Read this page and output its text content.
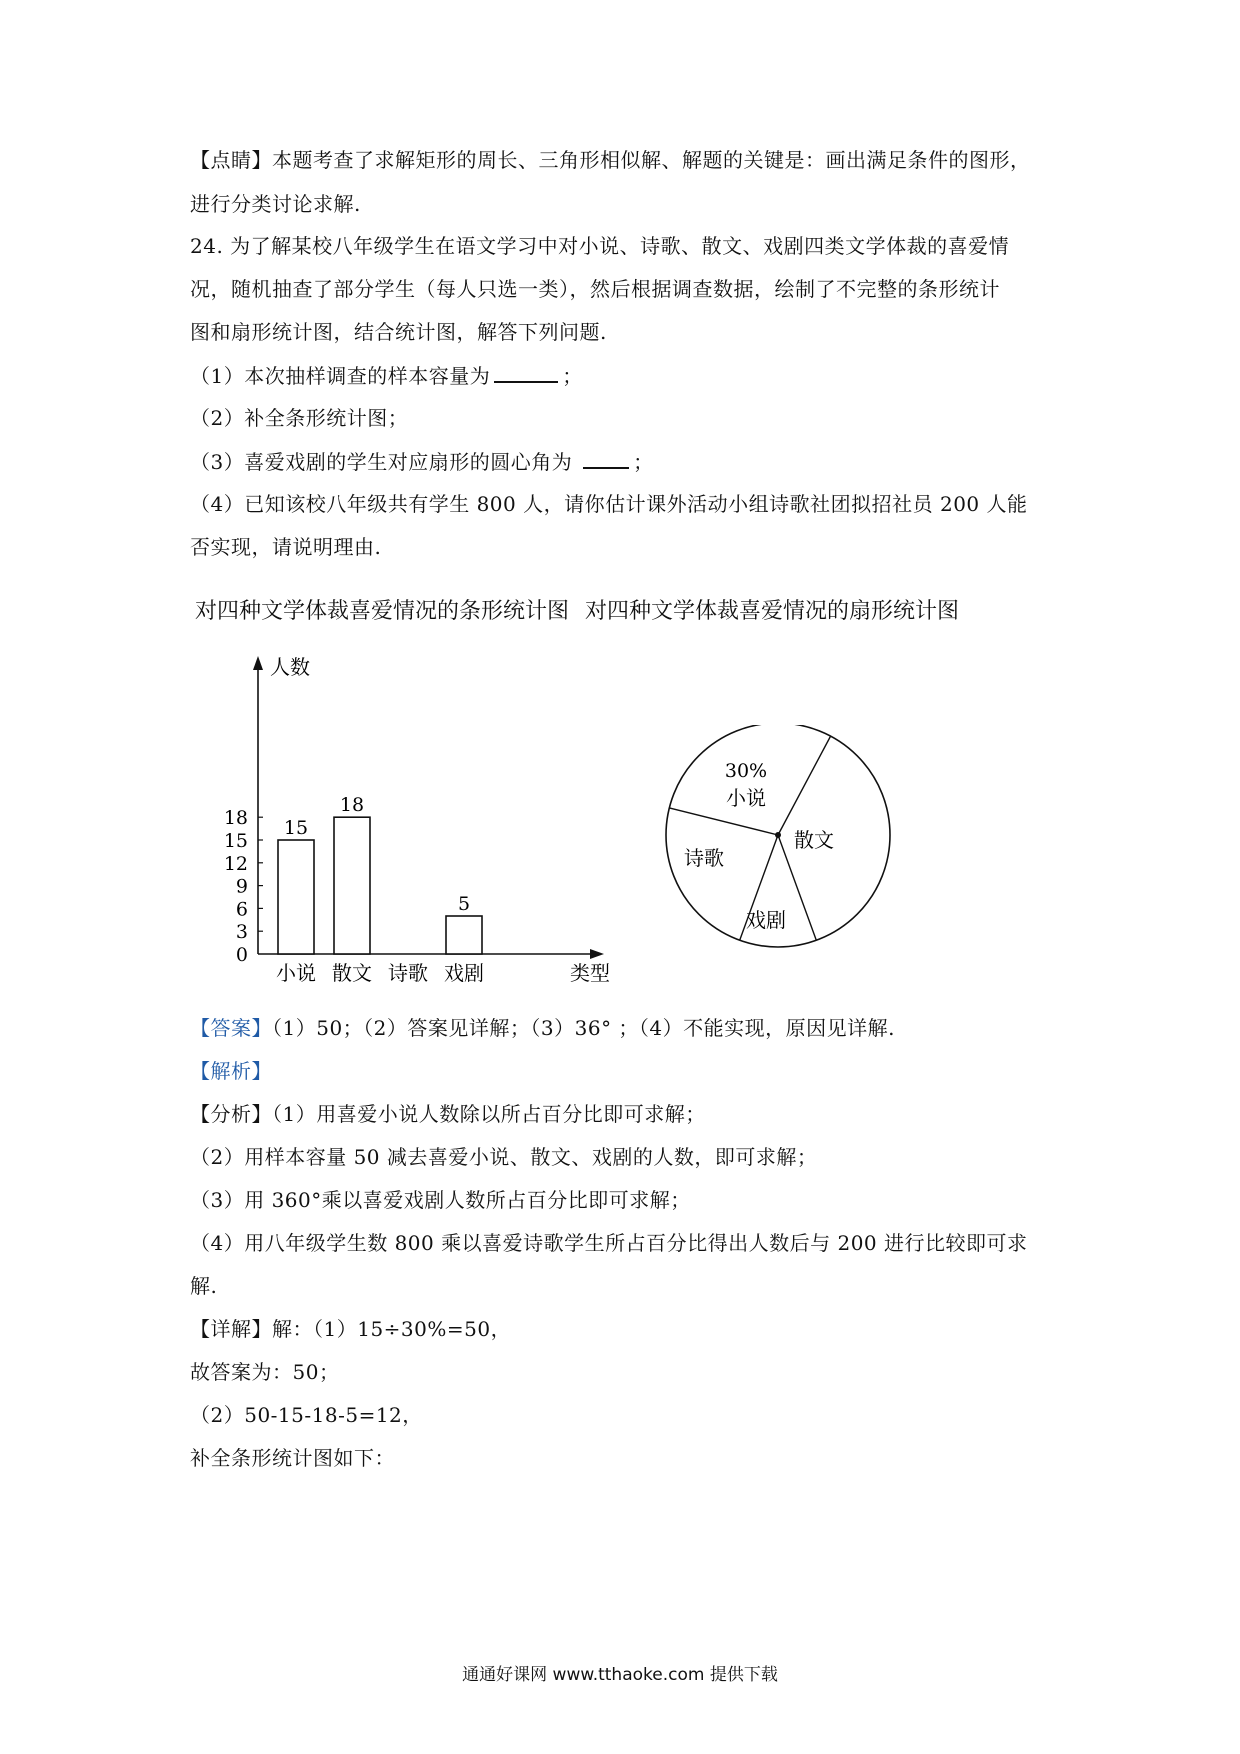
【点睛】本题考查了求解矩形的周长、三角形相似解、解题的关键是：画出满足条件的图形，
进行分类讨论求解.
24. 为了解某校八年级学生在语文学习中对小说、诗歌、散文、戏剧四类文学体裁的喜爱情
况，随机抽查了部分学生（每人只选一类），然后根据调查数据，绘制了不完整的条形统计
图和扇形统计图，结合统计图，解答下列问题.
（1）本次抽样调查的样本容量为	；
（2）补全条形统计图；
（3）喜爱戏剧的学生对应扇形的圆心角为	；
（4）已知该校八年级共有学生 800 人，请你估计课外活动小组诗歌社团拟招社员 200 人能
否实现，请说明理由.
对四种文学体裁喜爱情况的条形统计图 对四种文学体裁喜爱情况的扇形统计图
人数
类型
0
3
6
9
12
15
18
小说
15
散文
18
诗歌 戏剧
5
30%
小说
散文
诗歌
戏剧
【答案】（1）50；（2）答案见详解；（3）36° ；（4）不能实现，原因见详解.
【解析】
【分析】（1）用喜爱小说人数除以所占百分比即可求解；
（2）用样本容量 50 减去喜爱小说、散文、戏剧的人数，即可求解；
（3）用 360°乘以喜爱戏剧人数所占百分比即可求解；
（4）用八年级学生数 800 乘以喜爱诗歌学生所占百分比得出人数后与 200 进行比较即可求
解.
【详解】解：（1）15÷30%=50，
故答案为：50；
（2）50-15-18-5=12，
补全条形统计图如下：
通通好课网 www.tthaoke.com 提供下载
